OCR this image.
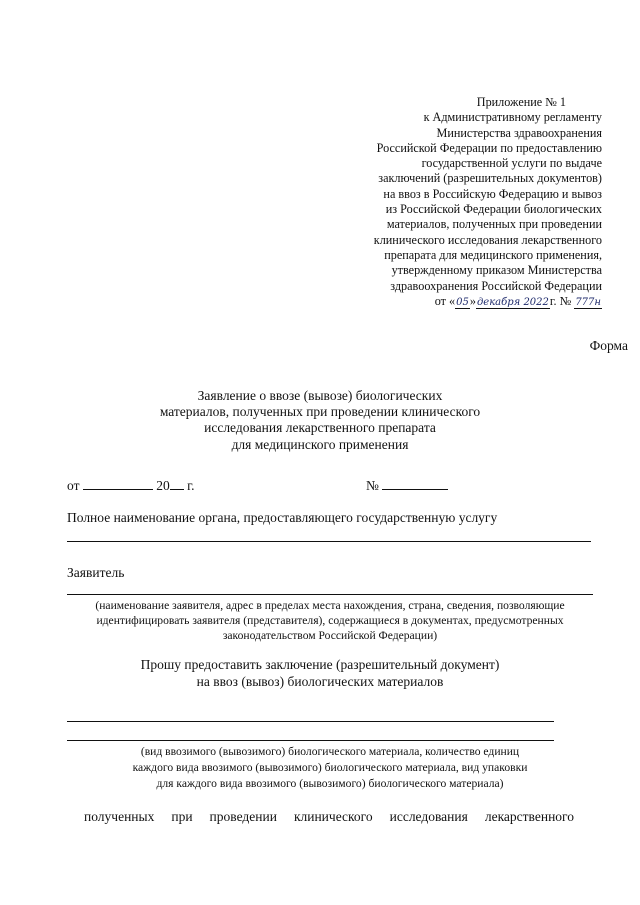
Приложение № 1
к Административному регламенту
Министерства здравоохранения
Российской Федерации по предоставлению
государственной услуги по выдаче
заключений (разрешительных документов)
на ввоз в Российскую Федерацию и вывоз
из Российской Федерации биологических
материалов, полученных при проведении
клинического исследования лекарственного
препарата для медицинского применения,
утвержденному приказом Министерства
здравоохранения Российской Федерации
от «05»декабря 2022г. № 777н
Форма
Заявление о ввозе (вывозе) биологических
материалов, полученных при проведении клинического
исследования лекарственного препарата
для медицинского применения
от	20 г.	№
Полное наименование органа, предоставляющего государственную услугу
Заявитель
(наименование заявителя, адрес в пределах места нахождения, страна, сведения, позволяющие
идентифицировать заявителя (представителя), содержащиеся в документах, предусмотренных
законодательством Российской Федерации)
Прошу предоставить заключение (разрешительный документ)
на ввоз (вывоз) биологических материалов
(вид ввозимого (вывозимого) биологического материала, количество единиц
каждого вида ввозимого (вывозимого) биологического материала, вид упаковки
для каждого вида ввозимого (вывозимого) биологического материала)
полученных при проведении клинического исследования лекарственного
